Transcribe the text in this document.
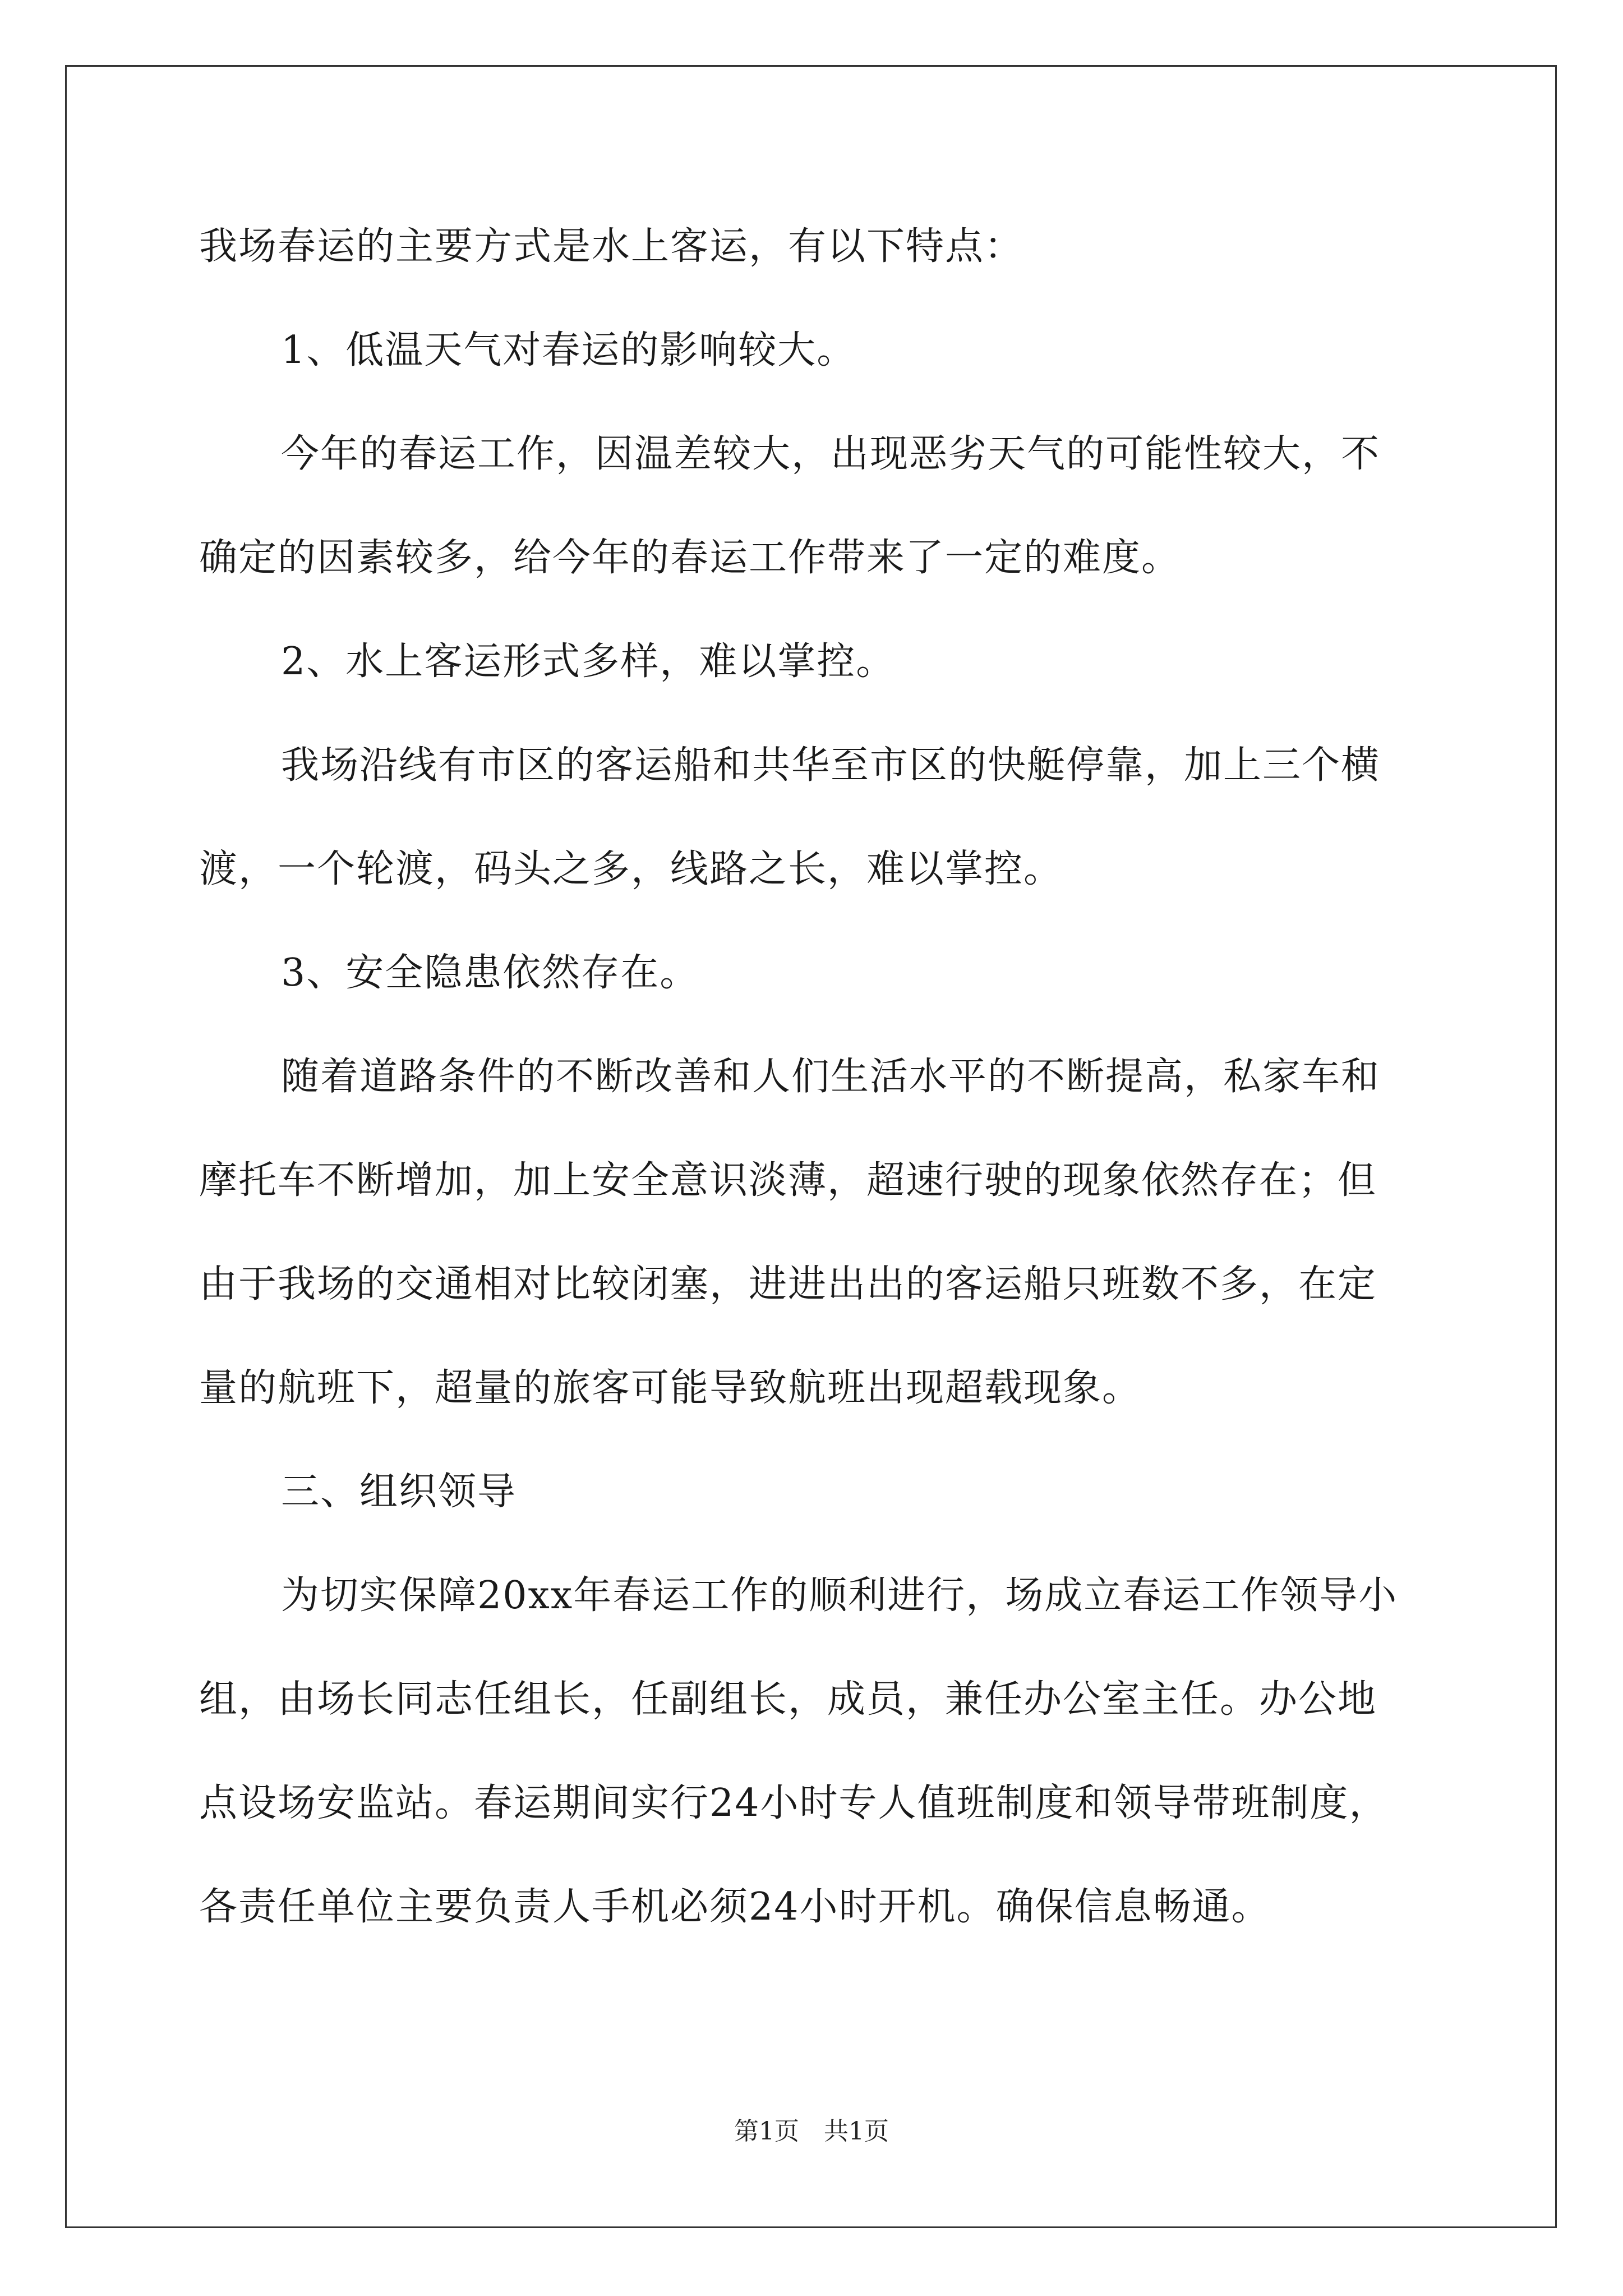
我场春运的主要方式是水上客运，有以下特点：
1、低温天气对春运的影响较大。
今年的春运工作，因温差较大，出现恶劣天气的可能性较大，不
确定的因素较多，给今年的春运工作带来了一定的难度。
2、水上客运形式多样，难以掌控。
我场沿线有市区的客运船和共华至市区的快艇停靠，加上三个横
渡，一个轮渡，码头之多，线路之长，难以掌控。
3、安全隐患依然存在。
随着道路条件的不断改善和人们生活水平的不断提高，私家车和
摩托车不断增加，加上安全意识淡薄，超速行驶的现象依然存在；但
由于我场的交通相对比较闭塞，进进出出的客运船只班数不多，在定
量的航班下，超量的旅客可能导致航班出现超载现象。
三、组织领导
为切实保障20xx年春运工作的顺利进行，场成立春运工作领导小
组，由场长同志任组长，任副组长，成员，兼任办公室主任。办公地
点设场安监站。春运期间实行24小时专人值班制度和领导带班制度，
各责任单位主要负责人手机必须24小时开机。确保信息畅通。
第1页　共1页
